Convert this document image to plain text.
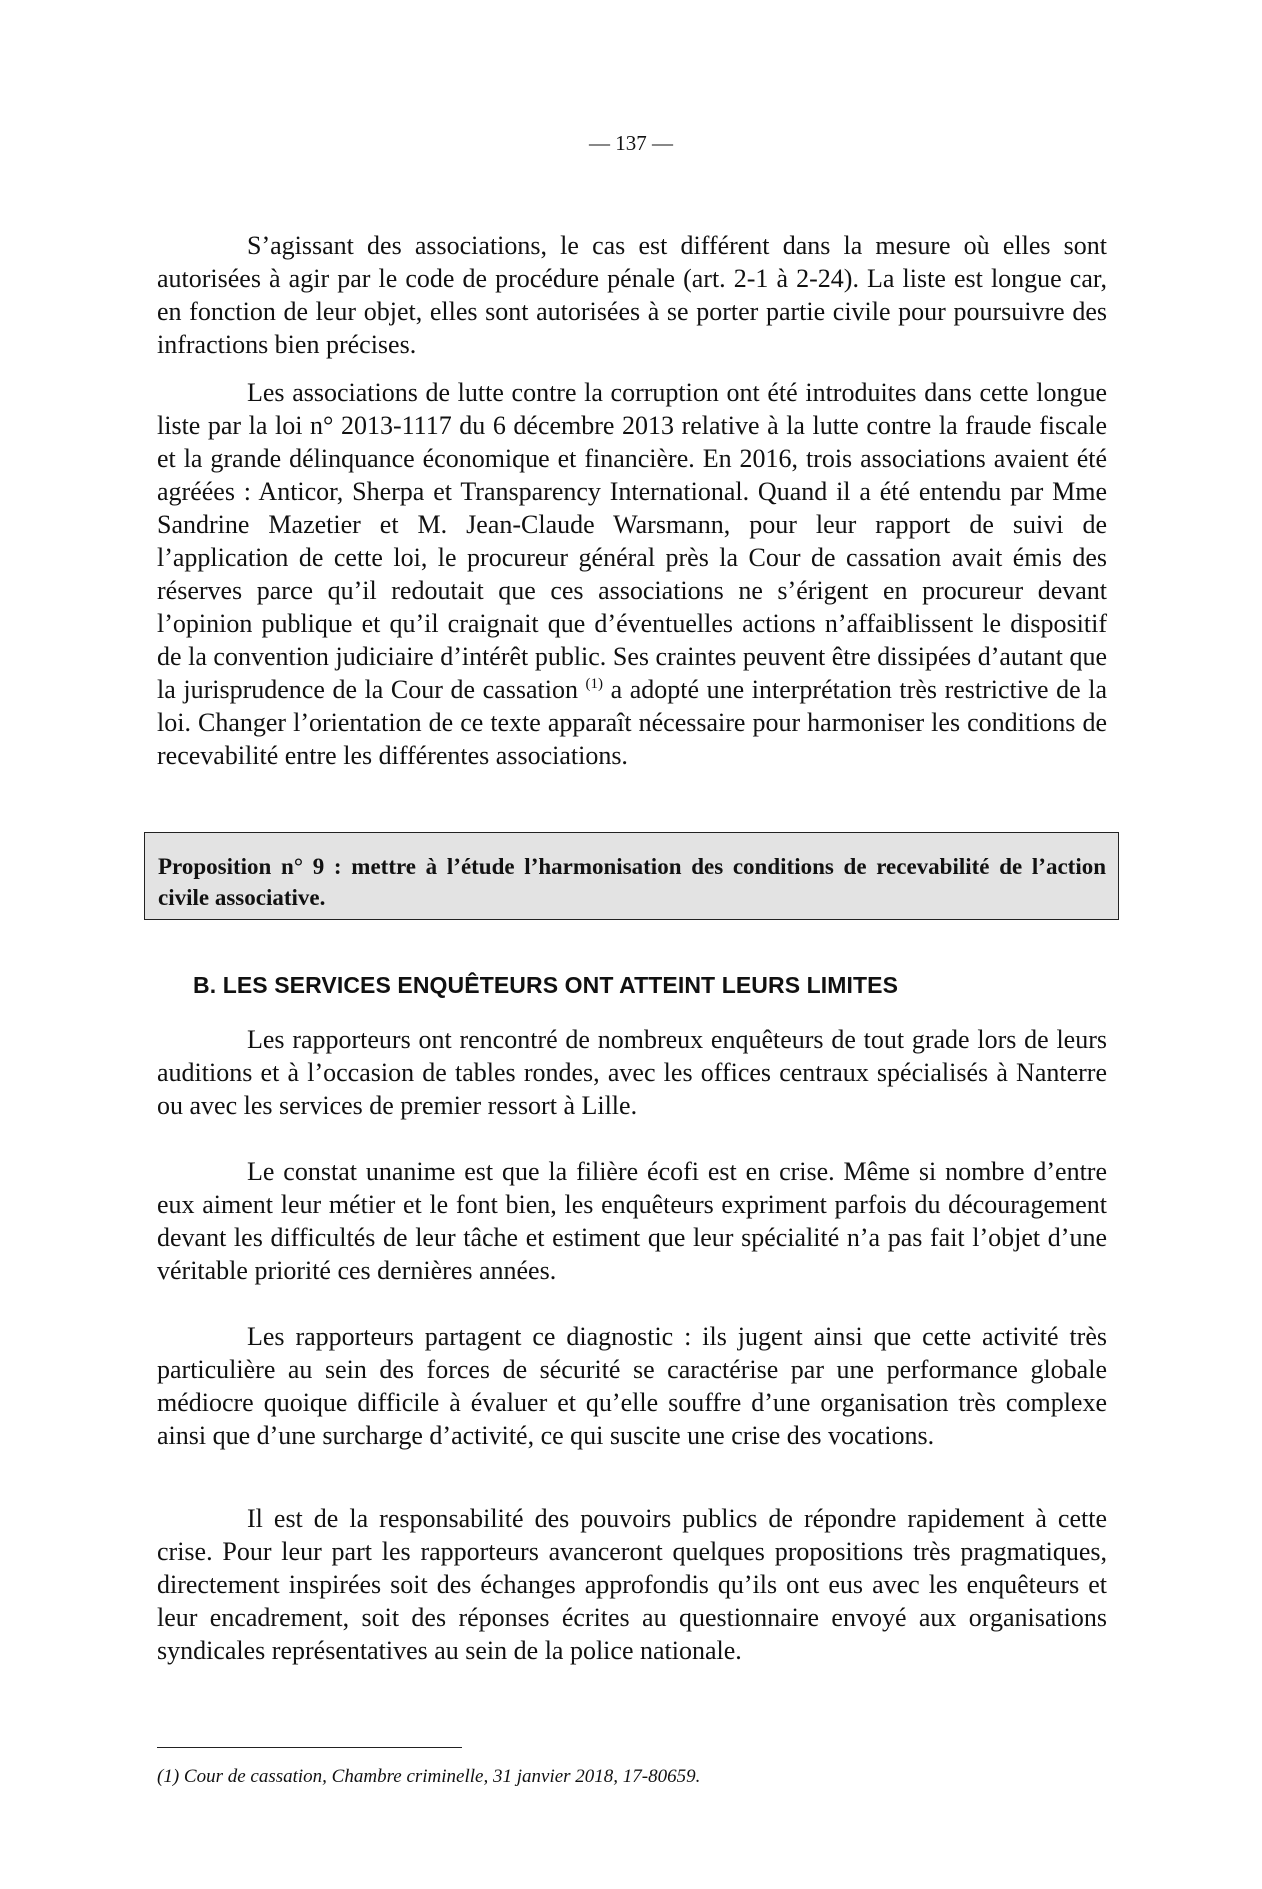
— 137 —

S’agissant des associations, le cas est différent dans la mesure où elles sont autorisées à agir par le code de procédure pénale (art. 2-1 à 2-24). La liste est longue car, en fonction de leur objet, elles sont autorisées à se porter partie civile pour poursuivre des infractions bien précises.

Les associations de lutte contre la corruption ont été introduites dans cette longue liste par la loi n° 2013-1117 du 6 décembre 2013 relative à la lutte contre la fraude fiscale et la grande délinquance économique et financière. En 2016, trois associations avaient été agréées : Anticor, Sherpa et Transparency International. Quand il a été entendu par Mme Sandrine Mazetier et M. Jean-Claude Warsmann, pour leur rapport de suivi de l’application de cette loi, le procureur général près la Cour de cassation avait émis des réserves parce qu’il redoutait que ces associations ne s’érigent en procureur devant l’opinion publique et qu’il craignait que d’éventuelles actions n’affaiblissent le dispositif de la convention judiciaire d’intérêt public. Ses craintes peuvent être dissipées d’autant que la jurisprudence de la Cour de cassation $^{(1)}$ a adopté une interprétation très restrictive de la loi. Changer l’orientation de ce texte apparaît nécessaire pour harmoniser les conditions de recevabilité entre les différentes associations.

Proposition n° 9 : mettre à l’étude l’harmonisation des conditions de recevabilité de l’action civile associative.

B. LES SERVICES ENQUÊTEURS ONT ATTEINT LEURS LIMITES

Les rapporteurs ont rencontré de nombreux enquêteurs de tout grade lors de leurs auditions et à l’occasion de tables rondes, avec les offices centraux spécialisés à Nanterre ou avec les services de premier ressort à Lille.

Le constat unanime est que la filière écofi est en crise. Même si nombre d’entre eux aiment leur métier et le font bien, les enquêteurs expriment parfois du découragement devant les difficultés de leur tâche et estiment que leur spécialité n’a pas fait l’objet d’une véritable priorité ces dernières années.

Les rapporteurs partagent ce diagnostic : ils jugent ainsi que cette activité très particulière au sein des forces de sécurité se caractérise par une performance globale médiocre quoique difficile à évaluer et qu’elle souffre d’une organisation très complexe ainsi que d’une surcharge d’activité, ce qui suscite une crise des vocations.

Il est de la responsabilité des pouvoirs publics de répondre rapidement à cette crise. Pour leur part les rapporteurs avanceront quelques propositions très pragmatiques, directement inspirées soit des échanges approfondis qu’ils ont eus avec les enquêteurs et leur encadrement, soit des réponses écrites au questionnaire envoyé aux organisations syndicales représentatives au sein de la police nationale.

(1) Cour de cassation, Chambre criminelle, 31 janvier 2018, 17-80659.
